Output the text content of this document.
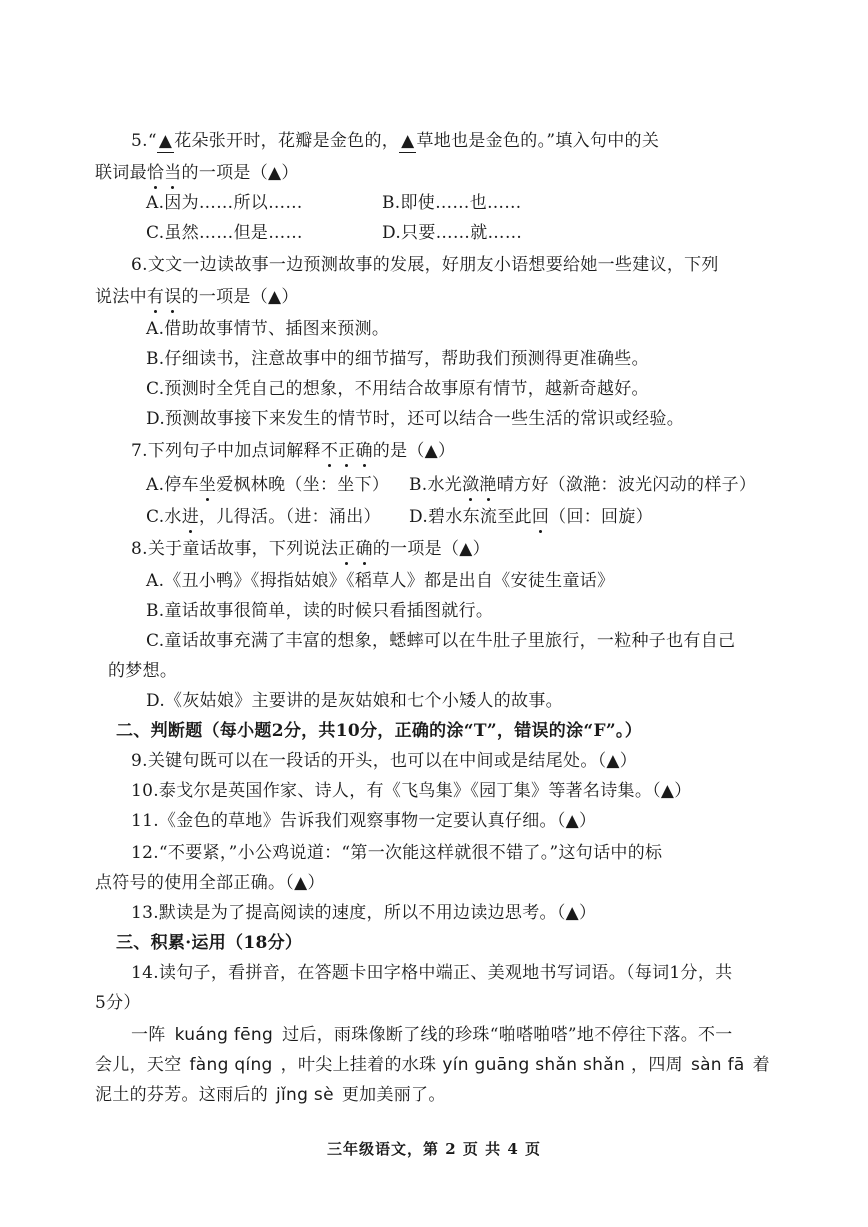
5.“ ▲ 花朵张开时，花瓣是金色的， ▲ 草地也是金色的。”填入句中的关
联词最恰当的一项是（▲）
A.因为……所以……	B.即使……也……
C.虽然……但是……	D.只要……就……
6.文文一边读故事一边预测故事的发展，好朋友小语想要给她一些建议，下列
说法中有误的一项是（▲）
A.借助故事情节、插图来预测。
B.仔细读书，注意故事中的细节描写，帮助我们预测得更准确些。
C.预测时全凭自己的想象，不用结合故事原有情节，越新奇越好。
D.预测故事接下来发生的情节时，还可以结合一些生活的常识或经验。
7.下列句子中加点词解释不正确的是（▲）
A.停车坐爱枫林晚（坐：坐下） B.水光潋滟晴方好（潋滟：波光闪动的样子）
C.水进，儿得活。（进：涌出） D.碧水东流至此回（回：回旋）
8.关于童话故事，下列说法正确的一项是（▲）
A.《丑小鸭》《拇指姑娘》《稻草人》都是出自《安徒生童话》
B.童话故事很简单，读的时候只看插图就行。
C.童话故事充满了丰富的想象，蟋蟀可以在牛肚子里旅行，一粒种子也有自己
的梦想。
D.《灰姑娘》主要讲的是灰姑娘和七个小矮人的故事。
二、判断题（每小题2分，共10分，正确的涂“T”，错误的涂“F”。）
9.关键句既可以在一段话的开头，也可以在中间或是结尾处。（▲）
10.泰戈尔是英国作家、诗人，有《飞鸟集》《园丁集》等著名诗集。（▲）
11.《金色的草地》告诉我们观察事物一定要认真仔细。（▲）
12.“不要紧，”小公鸡说道：“第一次能这样就很不错了。”这句话中的标
点符号的使用全部正确。（▲）
13.默读是为了提高阅读的速度，所以不用边读边思考。（▲）
三、积累·运用（18分）
14.读句子，看拼音，在答题卡田字格中端正、美观地书写词语。（每词1分，共
5分）
一阵 kuáng fēng 过后，雨珠像断了线的珍珠“啪嗒啪嗒”地不停往下落。不一
会儿，天空 fàng qíng ，叶尖上挂着的水珠 yín guāng shǎn shǎn ，四周 sàn fā 着
泥土的芬芳。这雨后的 jǐng sè 更加美丽了。
三年级语文，第 2 页 共 4 页
